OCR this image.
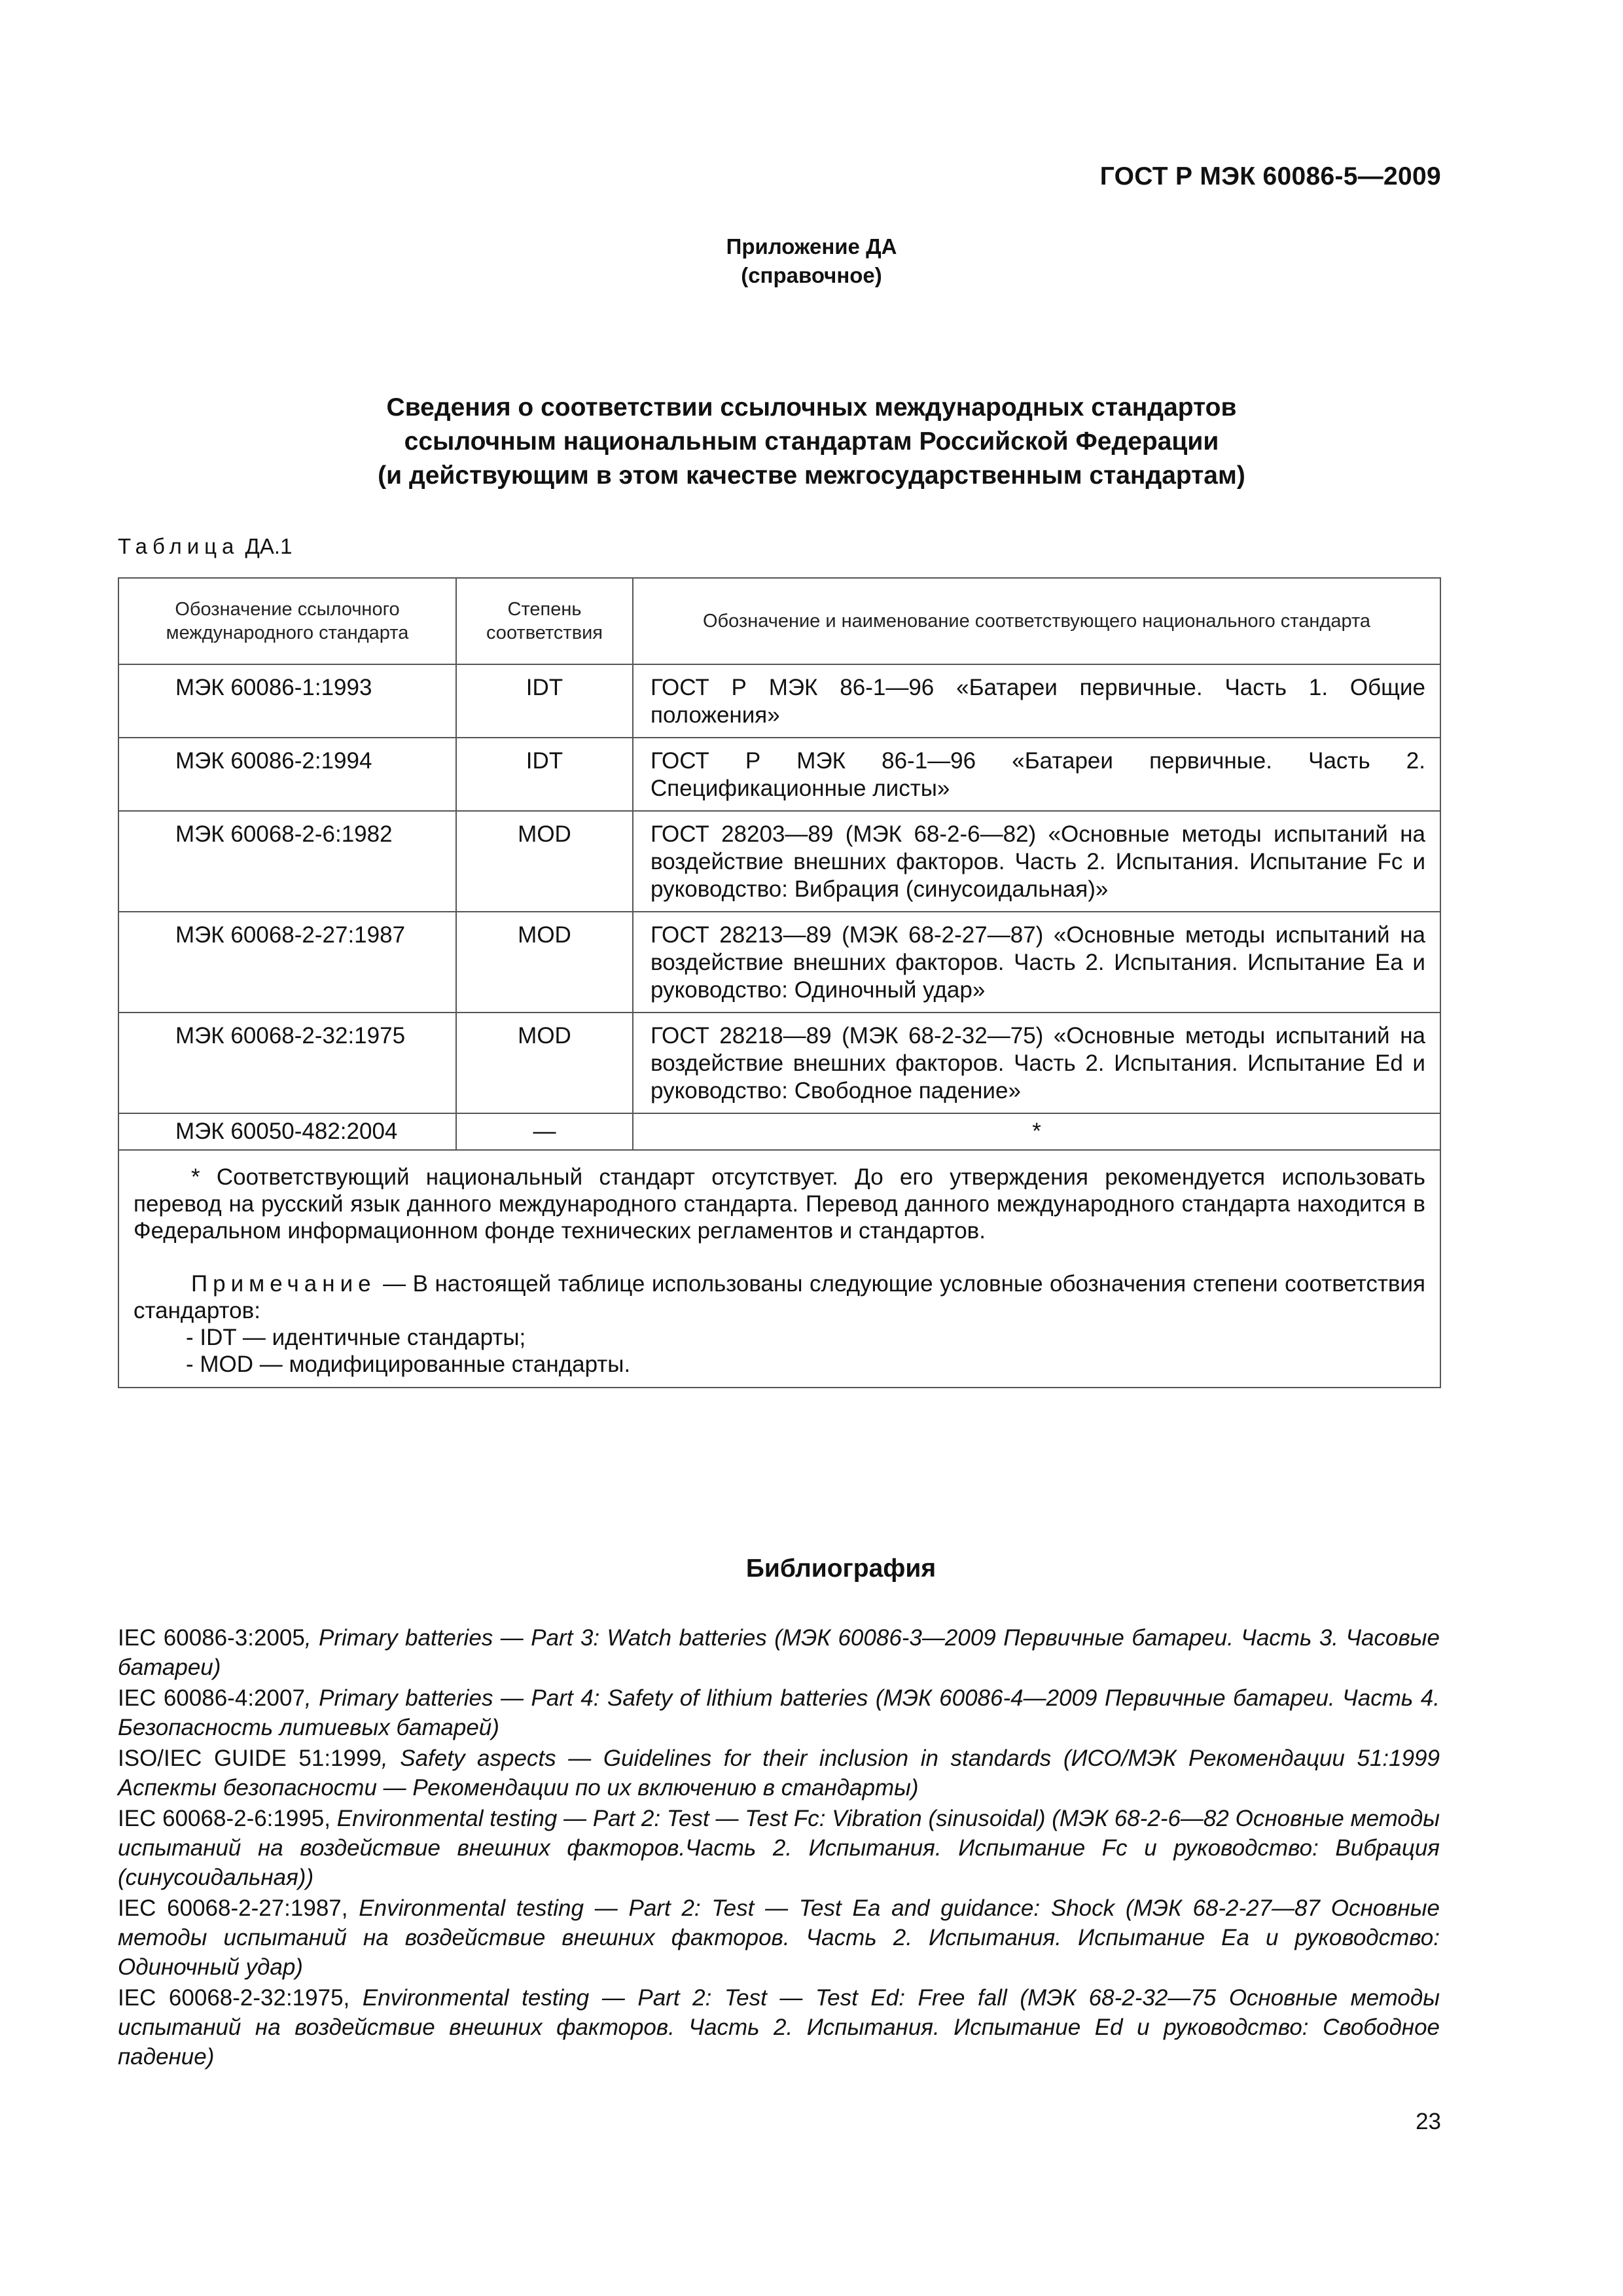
ГОСТ Р МЭК 60086-5—2009
Приложение ДА
(справочное)
Сведения о соответствии ссылочных международных стандартов
ссылочным национальным стандартам Российской Федерации
(и действующим в этом качестве межгосударственным стандартам)
Таблица ДА.1
Обозначение ссылочного международного стандарта	Степень соответствия	Обозначение и наименование соответствующего национального стандарта
МЭК 60086-1:1993	IDT	ГОСТ Р МЭК 86-1—96 «Батареи первичные. Часть 1. Общие положения»
МЭК 60086-2:1994	IDT	ГОСТ Р МЭК 86-1—96 «Батареи первичные. Часть 2. Спецификационные листы»
МЭК 60068-2-6:1982	MOD	ГОСТ 28203—89 (МЭК 68-2-6—82) «Основные методы испытаний на воздействие внешних факторов. Часть 2. Испытания. Испытание Fc и руководство: Вибрация (синусоидальная)»
МЭК 60068-2-27:1987	MOD	ГОСТ 28213—89 (МЭК 68-2-27—87) «Основные методы испытаний на воздействие внешних факторов. Часть 2. Испытания. Испытание Ea и руководство: Одиночный удар»
МЭК 60068-2-32:1975	MOD	ГОСТ 28218—89 (МЭК 68-2-32—75) «Основные методы испытаний на воздействие внешних факторов. Часть 2. Испытания. Испытание Ed и руководство: Свободное падение»
МЭК 60050-482:2004	—	*

* Соответствующий национальный стандарт отсутствует. До его утверждения рекомендуется использовать перевод на русский язык данного международного стандарта. Перевод данного международного стандарта находится в Федеральном информационном фонде технических регламентов и стандартов.
Примечание — В настоящей таблице использованы следующие условные обозначения степени соответствия стандартов:
- IDT — идентичные стандарты;
- MOD — модифицированные стандарты.		
Библиография
IEC 60086-3:2005, Primary batteries — Part 3: Watch batteries (МЭК 60086-3—2009 Первичные батареи. Часть 3. Часовые батареи)
IEC 60086-4:2007, Primary batteries — Part 4: Safety of lithium batteries (МЭК 60086-4—2009 Первичные батареи. Часть 4. Безопасность литиевых батарей)
ISO/IEC GUIDE 51:1999, Safety aspects — Guidelines for their inclusion in standards (ИСО/МЭК Рекомендации 51:1999 Аспекты безопасности — Рекомендации по их включению в стандарты)
IEC 60068-2-6:1995, Environmental testing — Part 2: Test — Test Fc: Vibration (sinusoidal) (МЭК 68-2-6—82 Основные методы испытаний на воздействие внешних факторов.Часть 2. Испытания. Испытание Fc и руководство: Вибрация (синусоидальная))
IEC 60068-2-27:1987, Environmental testing — Part 2: Test — Test Ea and guidance: Shock (МЭК 68-2-27—87 Основные методы испытаний на воздействие внешних факторов. Часть 2. Испытания. Испытание Ea и руководство: Одиночный удар)
IEC 60068-2-32:1975, Environmental testing — Part 2: Test — Test Ed: Free fall (МЭК 68-2-32—75 Основные методы испытаний на воздействие внешних факторов. Часть 2. Испытания. Испытание Ed и руководство: Свободное падение)
23
